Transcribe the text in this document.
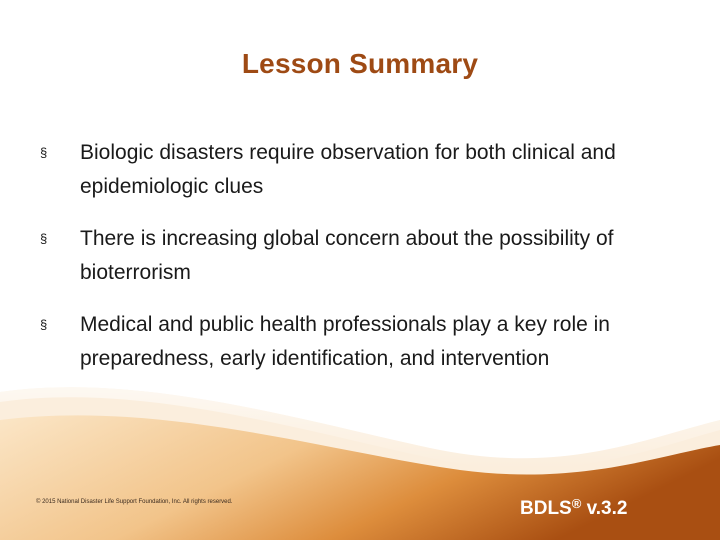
Lesson Summary
§	Biologic disasters require observation for both clinical and epidemiologic clues
§	There is increasing global concern about the possibility of bioterrorism
§	Medical and public health professionals play a key role in preparedness, early identification, and intervention
© 2015 National Disaster Life Support Foundation, Inc. All rights reserved.	BDLS® v.3.2
